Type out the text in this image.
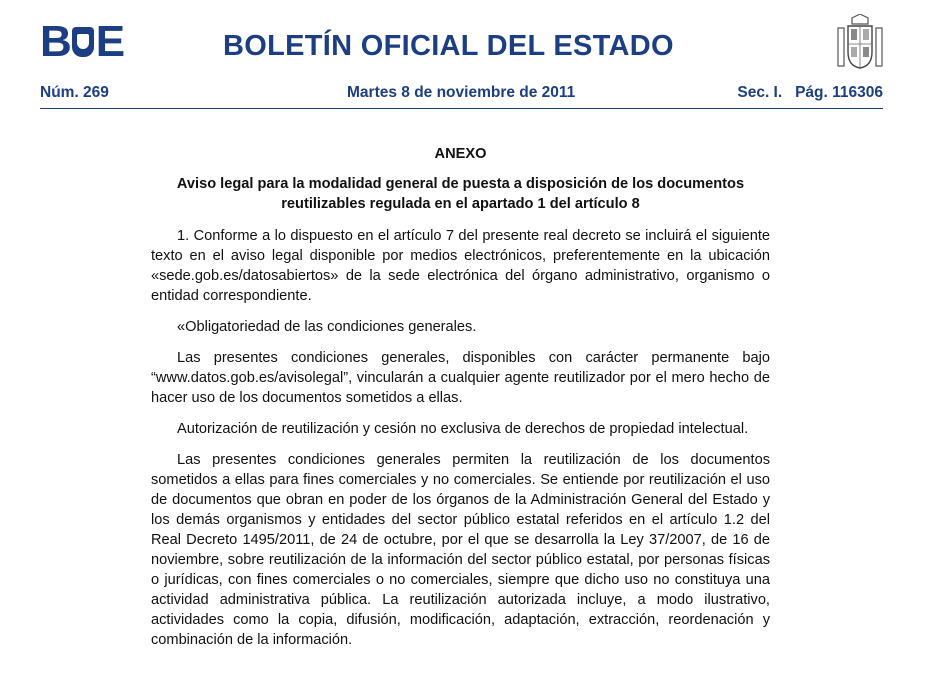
B E	BOLETÍN OFICIAL DEL ESTADO
Núm. 269	Martes 8 de noviembre de 2011	Sec. I.   Pág. 116306
ANEXO
Aviso legal para la modalidad general de puesta a disposición de los documentos reutilizables regulada en el apartado 1 del artículo 8

1. Conforme a lo dispuesto en el artículo 7 del presente real decreto se incluirá el siguiente texto en el aviso legal disponible por medios electrónicos, preferentemente en la ubicación «sede.gob.es/datosabiertos» de la sede electrónica del órgano administrativo, organismo o entidad correspondiente.

«Obligatoriedad de las condiciones generales.

Las presentes condiciones generales, disponibles con carácter permanente bajo “www.datos.gob.es/avisolegal”, vincularán a cualquier agente reutilizador por el mero hecho de hacer uso de los documentos sometidos a ellas.

Autorización de reutilización y cesión no exclusiva de derechos de propiedad intelectual.

Las presentes condiciones generales permiten la reutilización de los documentos sometidos a ellas para fines comerciales y no comerciales. Se entiende por reutilización el uso de documentos que obran en poder de los órganos de la Administración General del Estado y los demás organismos y entidades del sector público estatal referidos en el artículo 1.2 del Real Decreto 1495/2011, de 24 de octubre, por el que se desarrolla la Ley 37/2007, de 16 de noviembre, sobre reutilización de la información del sector público estatal, por personas físicas o jurídicas, con fines comerciales o no comerciales, siempre que dicho uso no constituya una actividad administrativa pública. La reutilización autorizada incluye, a modo ilustrativo, actividades como la copia, difusión, modificación, adaptación, extracción, reordenación y combinación de la información.
